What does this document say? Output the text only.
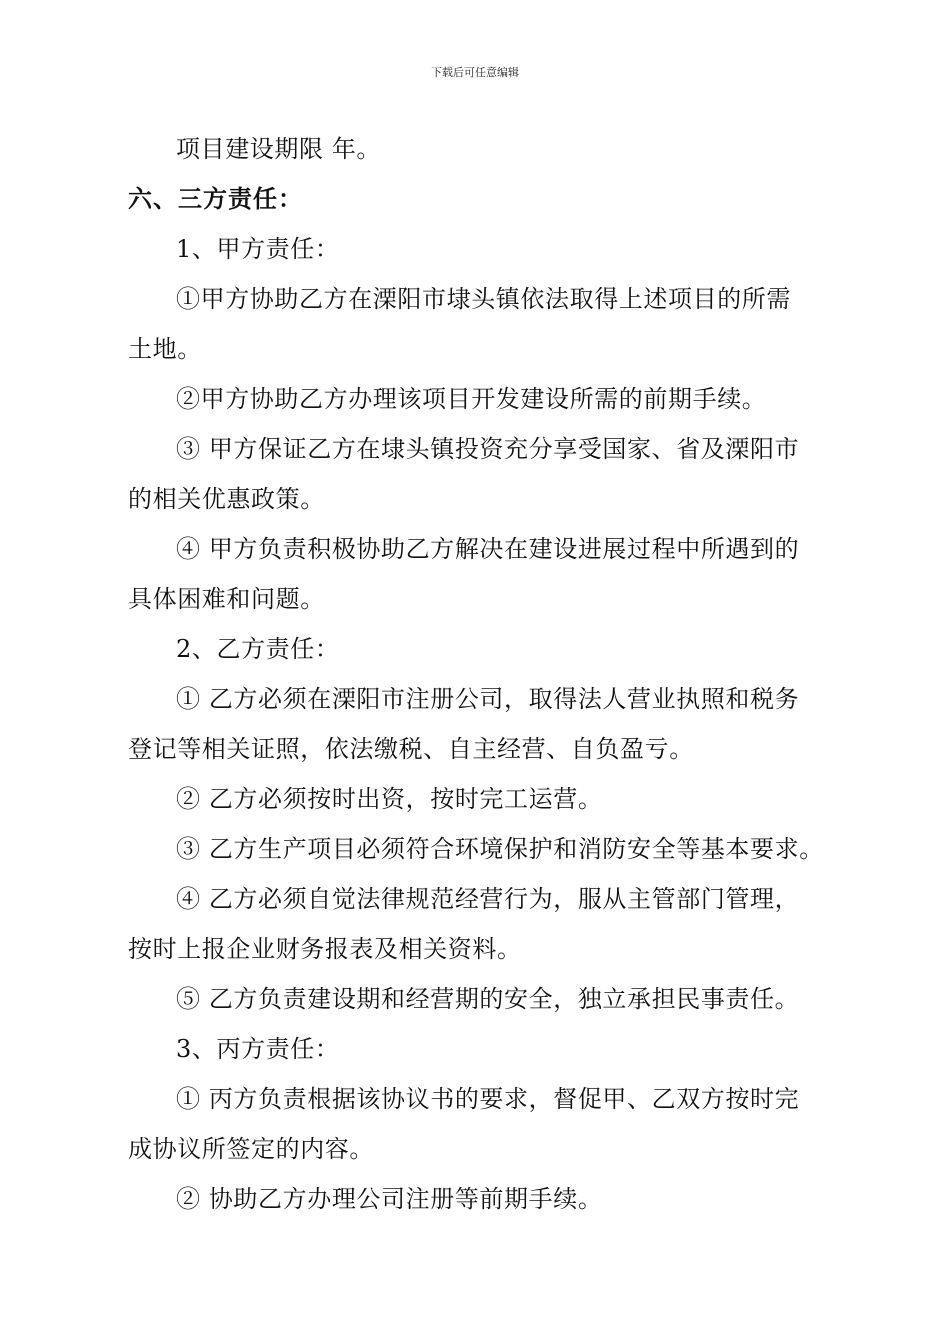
下载后可任意编辑
项目建设期限 年。
六、三方责任：
1、甲方责任：
①甲方协助乙方在溧阳市埭头镇依法取得上述项目的所需
土地。
②甲方协助乙方办理该项目开发建设所需的前期手续。
③ 甲方保证乙方在埭头镇投资充分享受国家、省及溧阳市
的相关优惠政策。
④ 甲方负责积极协助乙方解决在建设进展过程中所遇到的
具体困难和问题。
2、乙方责任：
① 乙方必须在溧阳市注册公司，取得法人营业执照和税务
登记等相关证照，依法缴税、自主经营、自负盈亏。
② 乙方必须按时出资，按时完工运营。
③ 乙方生产项目必须符合环境保护和消防安全等基本要求。
④ 乙方必须自觉法律规范经营行为，服从主管部门管理，
按时上报企业财务报表及相关资料。
⑤ 乙方负责建设期和经营期的安全，独立承担民事责任。
3、丙方责任：
① 丙方负责根据该协议书的要求，督促甲、乙双方按时完
成协议所签定的内容。
② 协助乙方办理公司注册等前期手续。
